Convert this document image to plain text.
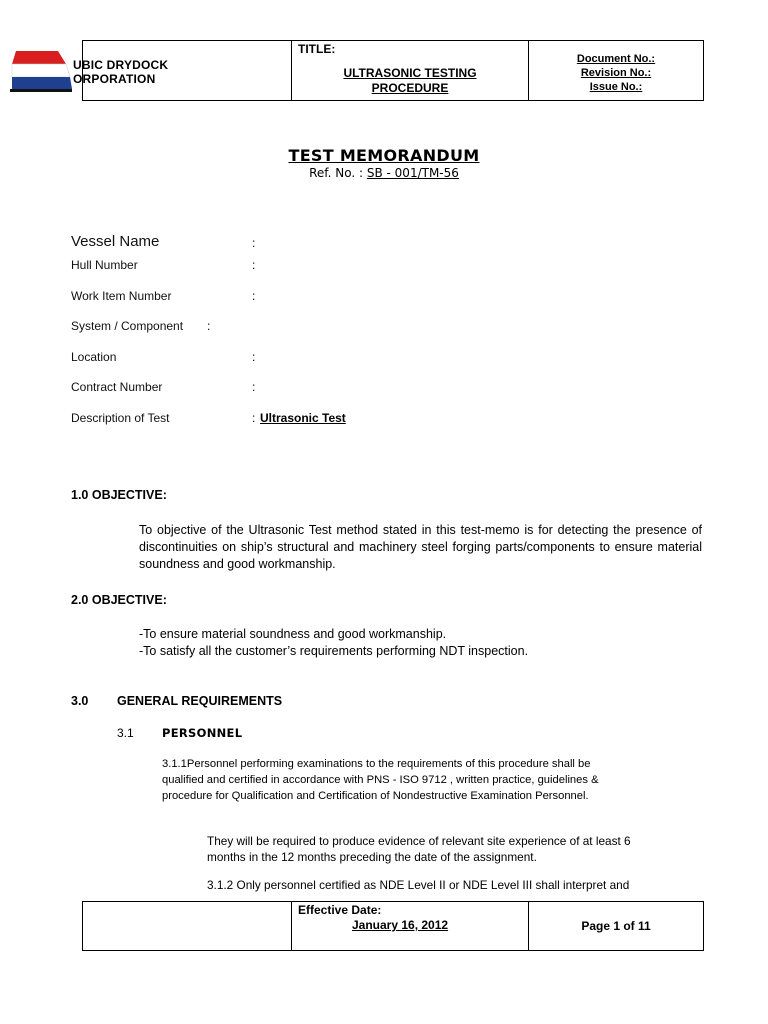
UBIC DRYDOCK
ORPORATION
TITLE:
ULTRASONIC TESTING
PROCEDURE
Document No.:
Revision No.:
Issue No.:
TEST MEMORANDUM
Ref. No. : SB - 001/TM-56
Vessel Name	:
Hull Number	:
Work Item Number	:
System / Component :
Location	:
Contract Number	:
Description of Test	: Ultrasonic Test
1.0 OBJECTIVE:
To objective of the Ultrasonic Test method stated in this test-memo is for detecting the presence of discontinuities on ship’s structural and machinery steel forging parts/components to ensure material soundness and good workmanship.
2.0 OBJECTIVE:
-To ensure material soundness and good workmanship.
-To satisfy all the customer’s requirements performing NDT inspection.
3.0 GENERAL REQUIREMENTS
3.1 PERSONNEL
3.1.1Personnel performing examinations to the requirements of this procedure shall be
qualified and certified in accordance with PNS - ISO 9712 , written practice, guidelines &
procedure for Qualification and Certification of Nondestructive Examination Personnel.
They will be required to produce evidence of relevant site experience of at least 6
months in the 12 months preceding the date of the assignment.
3.1.2 Only personnel certified as NDE Level II or NDE Level III shall interpret and
Effective Date:
January 16, 2012	Page 1 of 11
